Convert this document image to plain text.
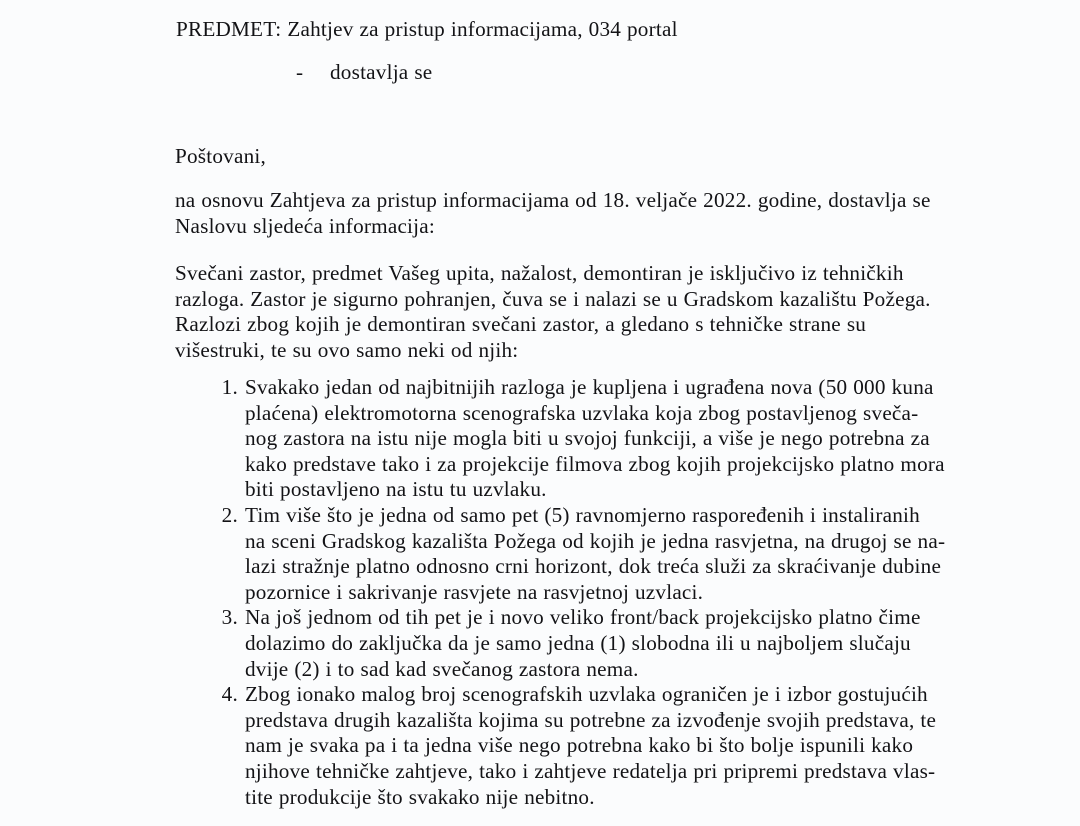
PREDMET: Zahtjev za pristup informacijama, 034 portal
- dostavlja se
Poštovani,
na osnovu Zahtjeva za pristup informacijama od 18. veljače 2022. godine, dostavlja se
Naslovu sljedeća informacija:
Svečani zastor, predmet Vašeg upita, nažalost, demontiran je isključivo iz tehničkih
razloga. Zastor je sigurno pohranjen, čuva se i nalazi se u Gradskom kazalištu Požega.
Razlozi zbog kojih je demontiran svečani zastor, a gledano s tehničke strane su
višestruki, te su ovo samo neki od njih:
1. Svakako jedan od najbitnijih razloga je kupljena i ugrađena nova (50 000 kuna
plaćena) elektromotorna scenografska uzvlaka koja zbog postavljenog svеča-
nog zastora na istu nije mogla biti u svojoj funkciji, a više je nego potrebna za
kako predstave tako i za projekcije filmova zbog kojih projekcijsko platno mora
biti postavljeno na istu tu uzvlaku.
2. Tim više što je jedna od samo pet (5) ravnomjerno raspoređenih i instaliranih
na sceni Gradskog kazališta Požega od kojih je jedna rasvjetna, na drugoj se na-
lazi stražnje platno odnosno crni horizont, dok treća služi za skraćivanje dubine
pozornice i sakrivanje rasvjete na rasvjetnoj uzvlaci.
3. Na još jednom od tih pet je i novo veliko front/back projekcijsko platno čime
dolazimo do zaključka da je samo jedna (1) slobodna ili u najboljem slučaju
dvije (2) i to sad kad svečanog zastora nema.
4. Zbog ionako malog broj scenografskih uzvlaka ograničen je i izbor gostujućih
predstava drugih kazališta kojima su potrebne za izvođenje svojih predstava, te
nam je svaka pa i ta jedna više nego potrebna kako bi što bolje ispunili kako
njihove tehničke zahtjeve, tako i zahtjeve redatelja pri pripremi predstava vlas-
tite produkcije što svakako nije nebitno.
